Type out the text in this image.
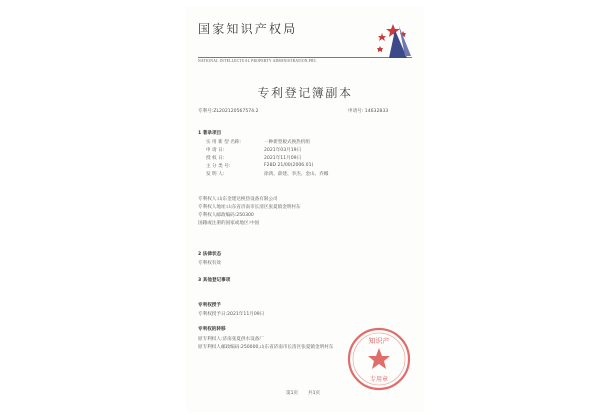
国家知识产权局
NATIONAL INTELLECTUAL PROPERTY ADMINISTRATION,PRC
专利登记簿副本
专利号:ZL202120567574.2	申请号: 14632833
1 著录项目
实 用 新 型 名称:	一种新型板式换热机组
申 请 日:	2021年03月19日
授 权 日:	2021年11月09日
主 分 类 号:	F28D 21/00(2006.01)
发 明 人:	徐鸿、薛建、李杰、金山、乔娜
专利权人:山东金建达换热设备有限公司
专利权人地址:山东省济南市长清区张夏镇金明村东
专利权人邮政编码:250300
国籍或注册的国家或地区:中国
2 法律状态
专利权有效
3 其他登记事项
专利权授予
专利权授予日:2021年11月09日
专利权的转移
原专利权人:济南张夏供水设备厂
原专利权人邮政编码:250000,山东省济南市长清区张夏镇金明村东
知识产
专用章
第1页 共1页
